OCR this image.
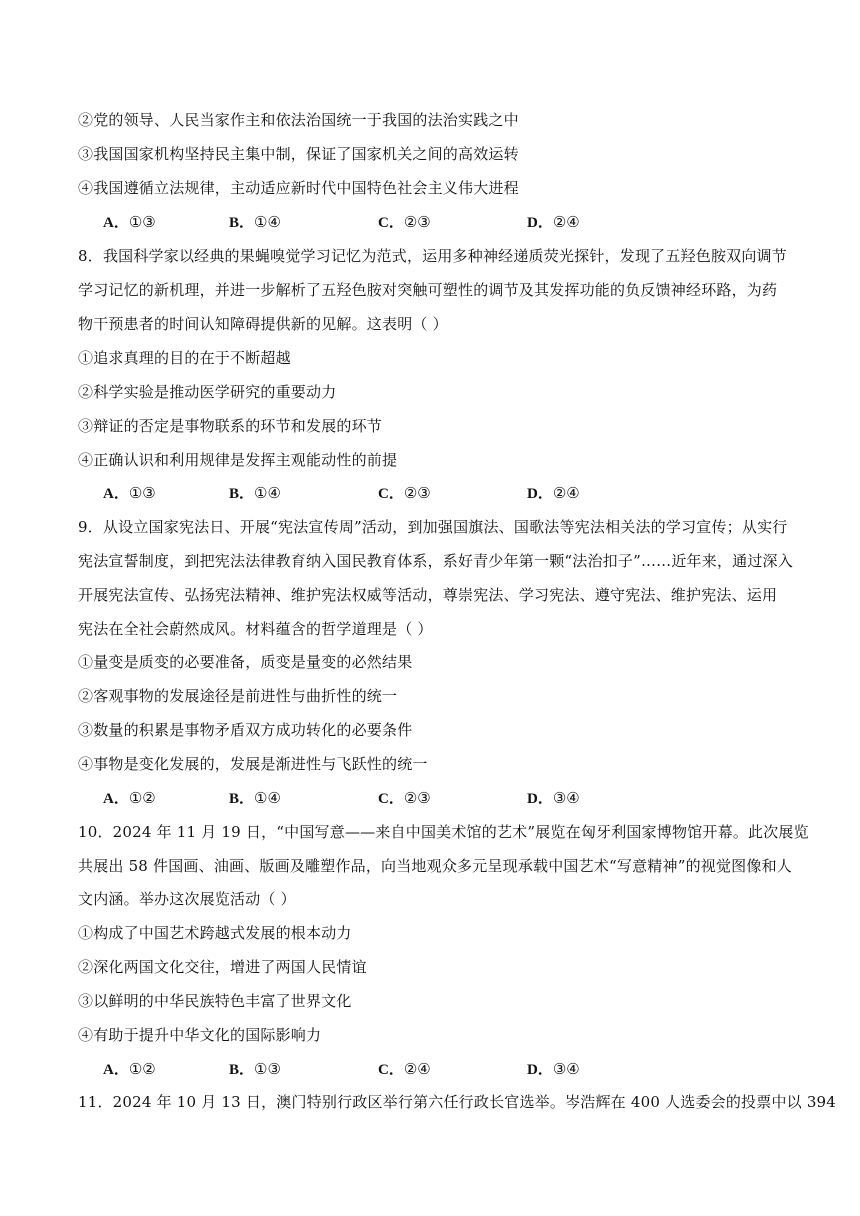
②党的领导、人民当家作主和依法治国统一于我国的法治实践之中
③我国国家机构坚持民主集中制，保证了国家机关之间的高效运转
④我国遵循立法规律，主动适应新时代中国特色社会主义伟大进程
A．①③	B．①④	C．②③	D．②④
8．我国科学家以经典的果蝇嗅觉学习记忆为范式，运用多种神经递质荧光探针，发现了五羟色胺双向调节
学习记忆的新机理，并进一步解析了五羟色胺对突触可塑性的调节及其发挥功能的负反馈神经环路，为药
物干预患者的时间认知障碍提供新的见解。这表明（ ）
①追求真理的目的在于不断超越
②科学实验是推动医学研究的重要动力
③辩证的否定是事物联系的环节和发展的环节
④正确认识和利用规律是发挥主观能动性的前提
A．①③	B．①④	C．②③	D．②④
9．从设立国家宪法日、开展“宪法宣传周”活动，到加强国旗法、国歌法等宪法相关法的学习宣传；从实行
宪法宣誓制度，到把宪法法律教育纳入国民教育体系，系好青少年第一颗“法治扣子”……近年来，通过深入
开展宪法宣传、弘扬宪法精神、维护宪法权威等活动，尊崇宪法、学习宪法、遵守宪法、维护宪法、运用
宪法在全社会蔚然成风。材料蕴含的哲学道理是（ ）
①量变是质变的必要准备，质变是量变的必然结果
②客观事物的发展途径是前进性与曲折性的统一
③数量的积累是事物矛盾双方成功转化的必要条件
④事物是变化发展的，发展是渐进性与飞跃性的统一
A．①②	B．①④	C．②③	D．③④
10．2024 年 11 月 19 日，“中国写意——来自中国美术馆的艺术”展览在匈牙利国家博物馆开幕。此次展览
共展出 58 件国画、油画、版画及雕塑作品，向当地观众多元呈现承载中国艺术“写意精神”的视觉图像和人
文内涵。举办这次展览活动（ ）
①构成了中国艺术跨越式发展的根本动力
②深化两国文化交往，增进了两国人民情谊
③以鲜明的中华民族特色丰富了世界文化
④有助于提升中华文化的国际影响力
A．①②	B．①③	C．②④	D．③④
11．2024 年 10 月 13 日，澳门特别行政区举行第六任行政长官选举。岑浩辉在 400 人选委会的投票中以 394
